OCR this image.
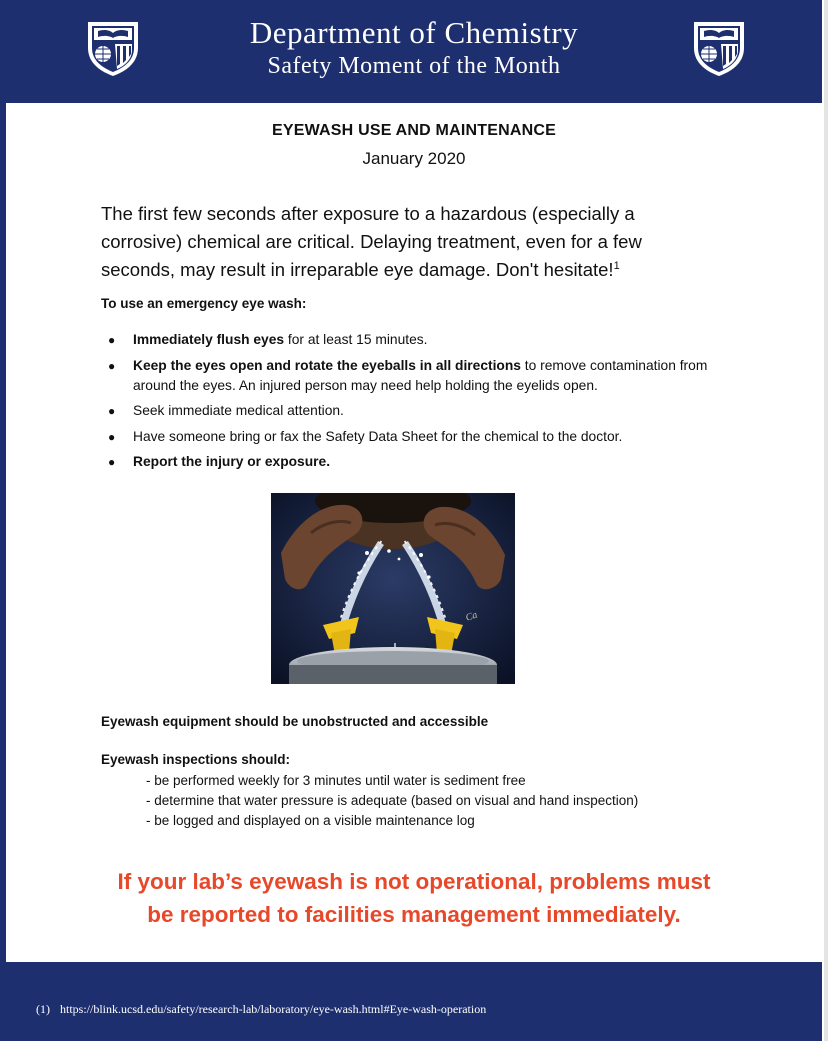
Department of Chemistry
Safety Moment of the Month
EYEWASH USE AND MAINTENANCE
January 2020
The first few seconds after exposure to a hazardous (especially a corrosive) chemical are critical. Delaying treatment, even for a few seconds, may result in irreparable eye damage. Don't hesitate!$^1$
To use an emergency eye wash:
● Immediately flush eyes for at least 15 minutes.
● Keep the eyes open and rotate the eyeballs in all directions to remove contamination from around the eyes. An injured person may need help holding the eyelids open.
● Seek immediate medical attention.
● Have someone bring or fax the Safety Data Sheet for the chemical to the doctor.
● Report the injury or exposure.
Ca
Eyewash equipment should be unobstructed and accessible
Eyewash inspections should:
- be performed weekly for 3 minutes until water is sediment free
- determine that water pressure is adequate (based on visual and hand inspection)
- be logged and displayed on a visible maintenance log
If your lab’s eyewash is not operational, problems must
be reported to facilities management immediately.
(1) https://blink.ucsd.edu/safety/research-lab/laboratory/eye-wash.html#Eye-wash-operation
